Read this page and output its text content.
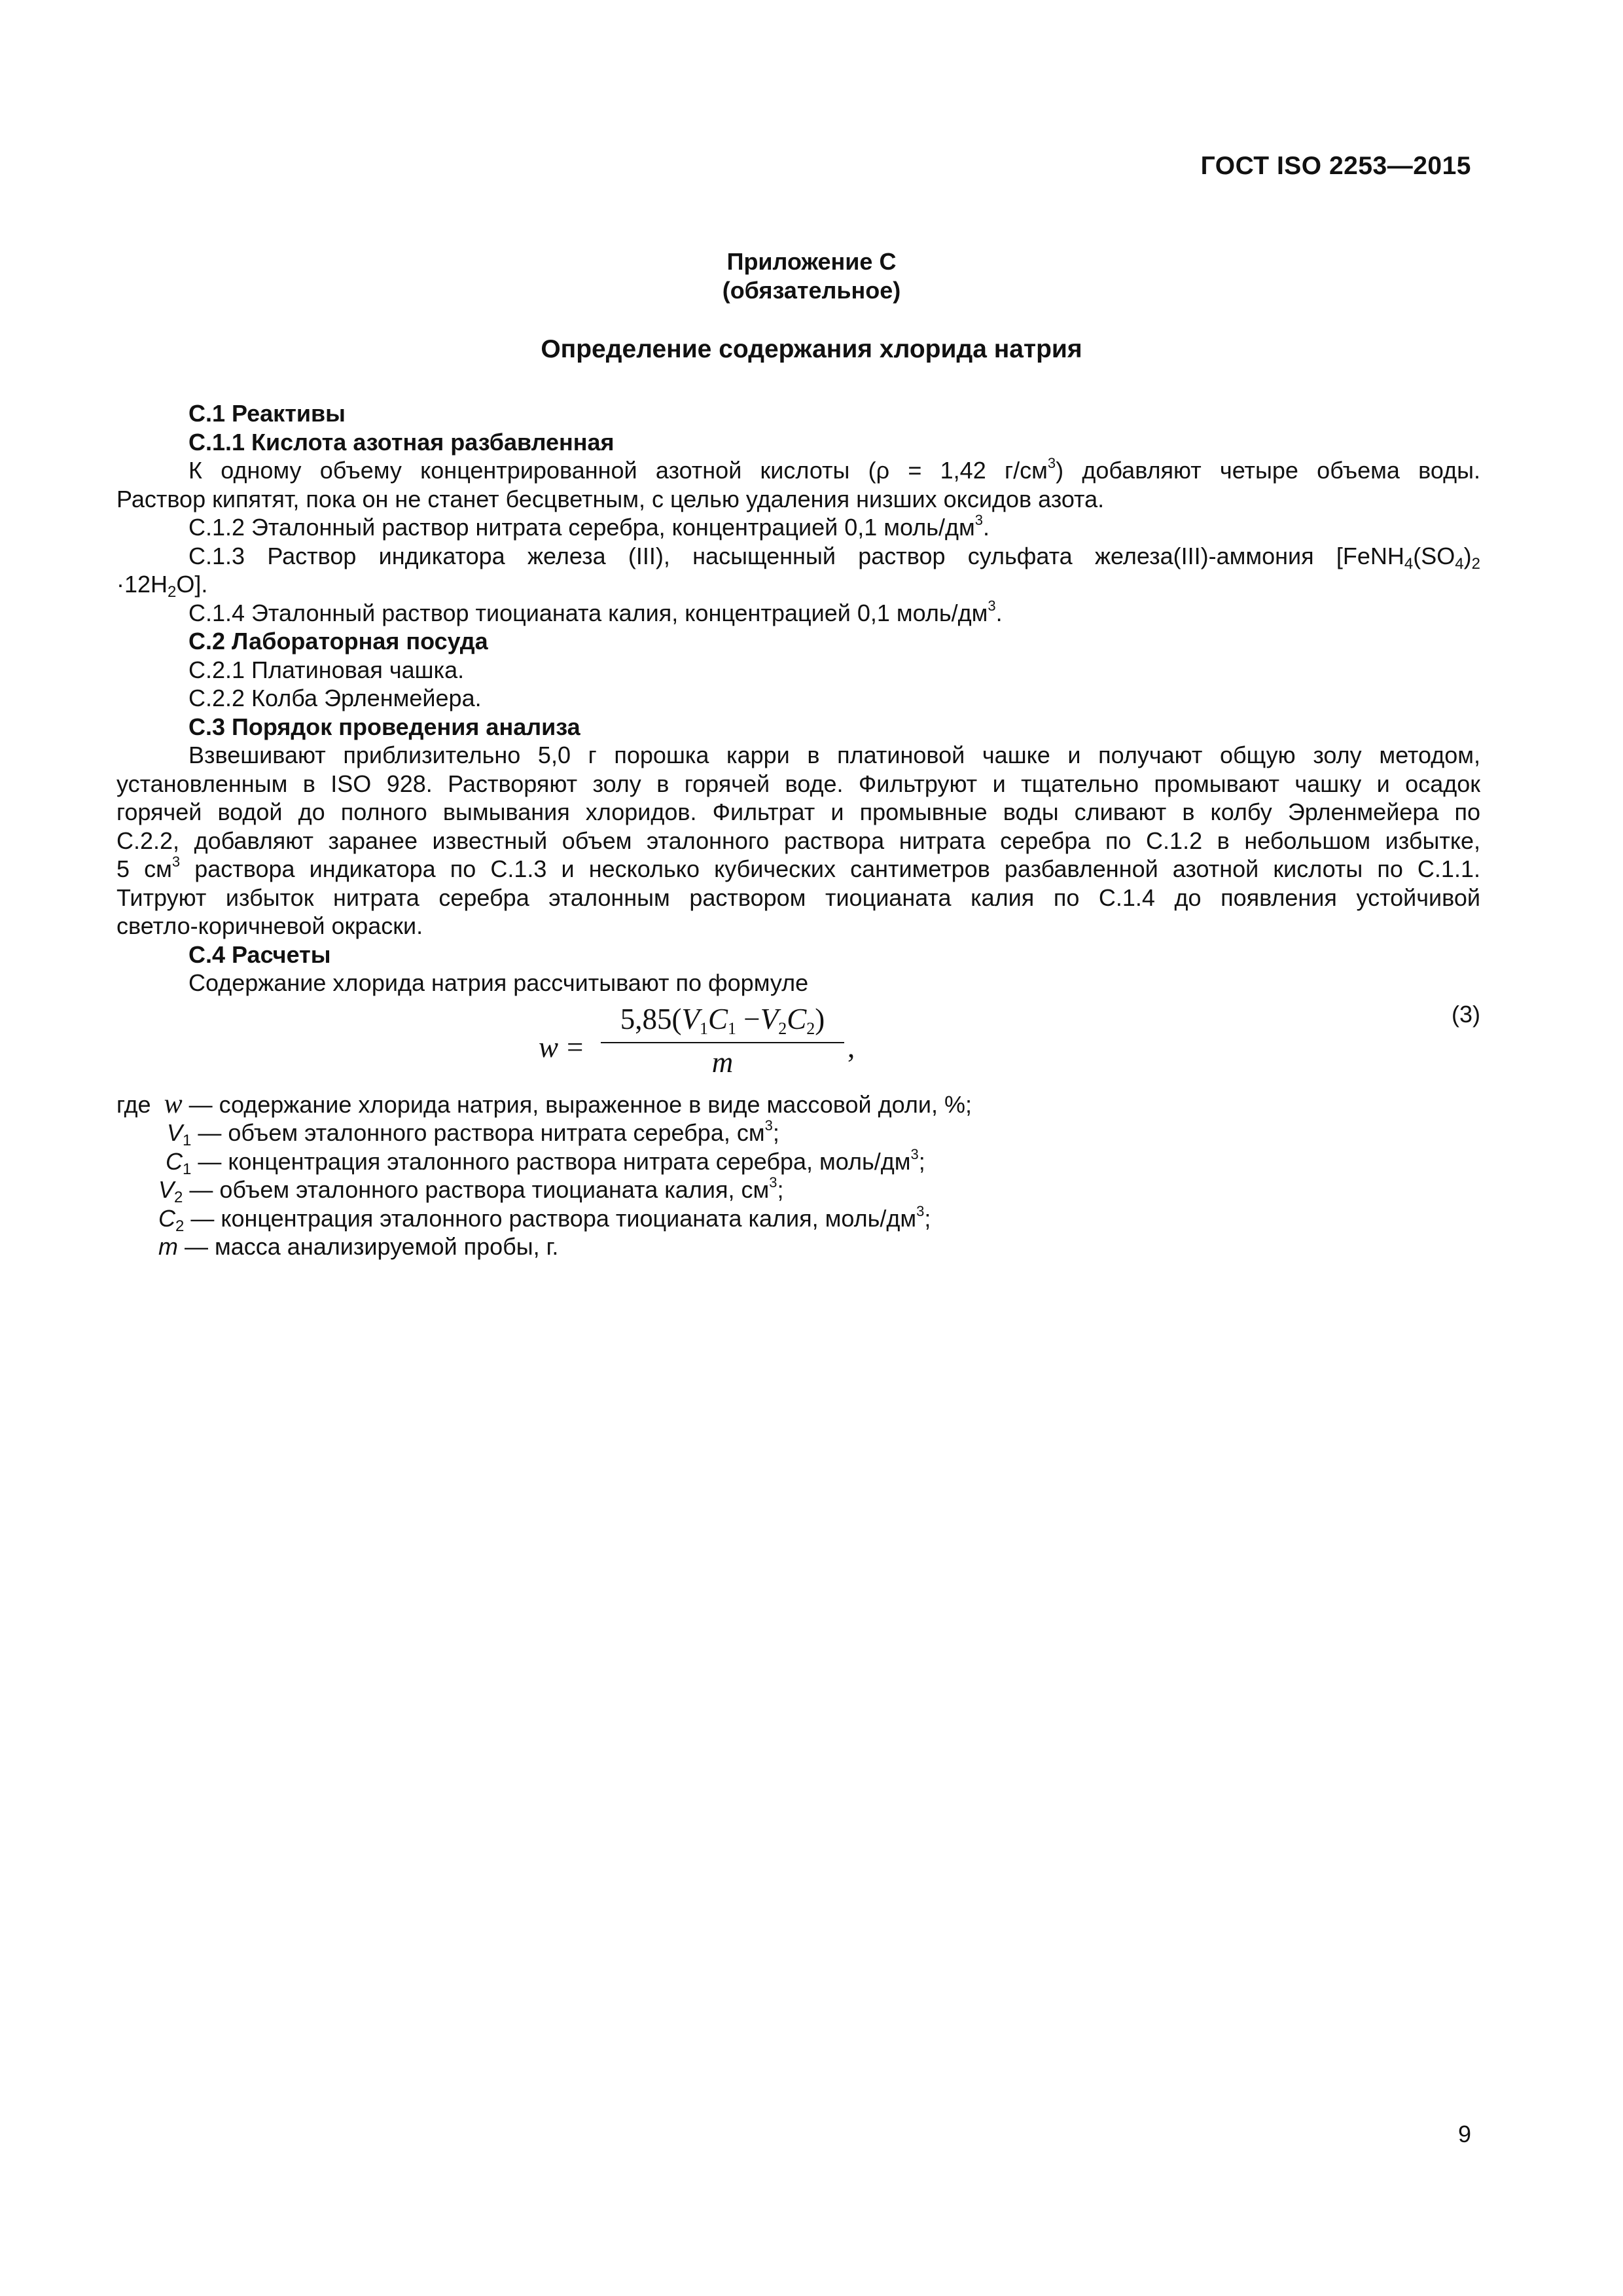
ГОСТ ISO 2253—2015
Приложение С
(обязательное)
Определение содержания хлорида натрия
С.1 Реактивы
С.1.1 Кислота азотная разбавленная
К одному объему концентрированной азотной кислоты (ρ = 1,42 $г/см^3$) добавляют четыре объема воды.
Раствор кипятят, пока он не станет бесцветным, с целью удаления низших оксидов азота.
С.1.2 Эталонный раствор нитрата серебра, концентрацией 0,1 моль/$дм^3$.
С.1.3 Раствор индикатора железа (III), насыщенный раствор сульфата железа(III)-аммония [$FeNH_4(SO_4)_2$
$\cdot 12H_2O$].
С.1.4 Эталонный раствор тиоцианата калия, концентрацией 0,1 моль/$дм^3$.
С.2 Лабораторная посуда
С.2.1 Платиновая чашка.
С.2.2 Колба Эрленмейера.
С.3 Порядок проведения анализа
Взвешивают приблизительно 5,0 г порошка карри в платиновой чашке и получают общую золу методом,
установленным в ISO 928. Растворяют золу в горячей воде. Фильтруют и тщательно промывают чашку и осадок
горячей водой до полного вымывания хлоридов. Фильтрат и промывные воды сливают в колбу Эрленмейера по
С.2.2, добавляют заранее известный объем эталонного раствора нитрата серебра по С.1.2 в небольшом избытке,
5 $см^3$ раствора индикатора по С.1.3 и несколько кубических сантиметров разбавленной азотной кислоты по С.1.1.
Титруют избыток нитрата серебра эталонным раствором тиоцианата калия по С.1.4 до появления устойчивой
светло-коричневой окраски.
С.4 Расчеты
Содержание хлорида натрия рассчитывают по формуле
w =
$5,85(V_1C_1 -V_2C_2)$
m	,
(3)
где w — содержание хлорида натрия, выраженное в виде массовой доли, %;
$V_1$ — объем эталонного раствора нитрата серебра, $см^3$;
$C_1$ — концентрация эталонного раствора нитрата серебра, моль/$дм^3$;
$V_2$ — объем эталонного раствора тиоцианата калия, $см^3$;
$C_2$ — концентрация эталонного раствора тиоцианата калия, моль/$дм^3$;
m — масса анализируемой пробы, г.
9
